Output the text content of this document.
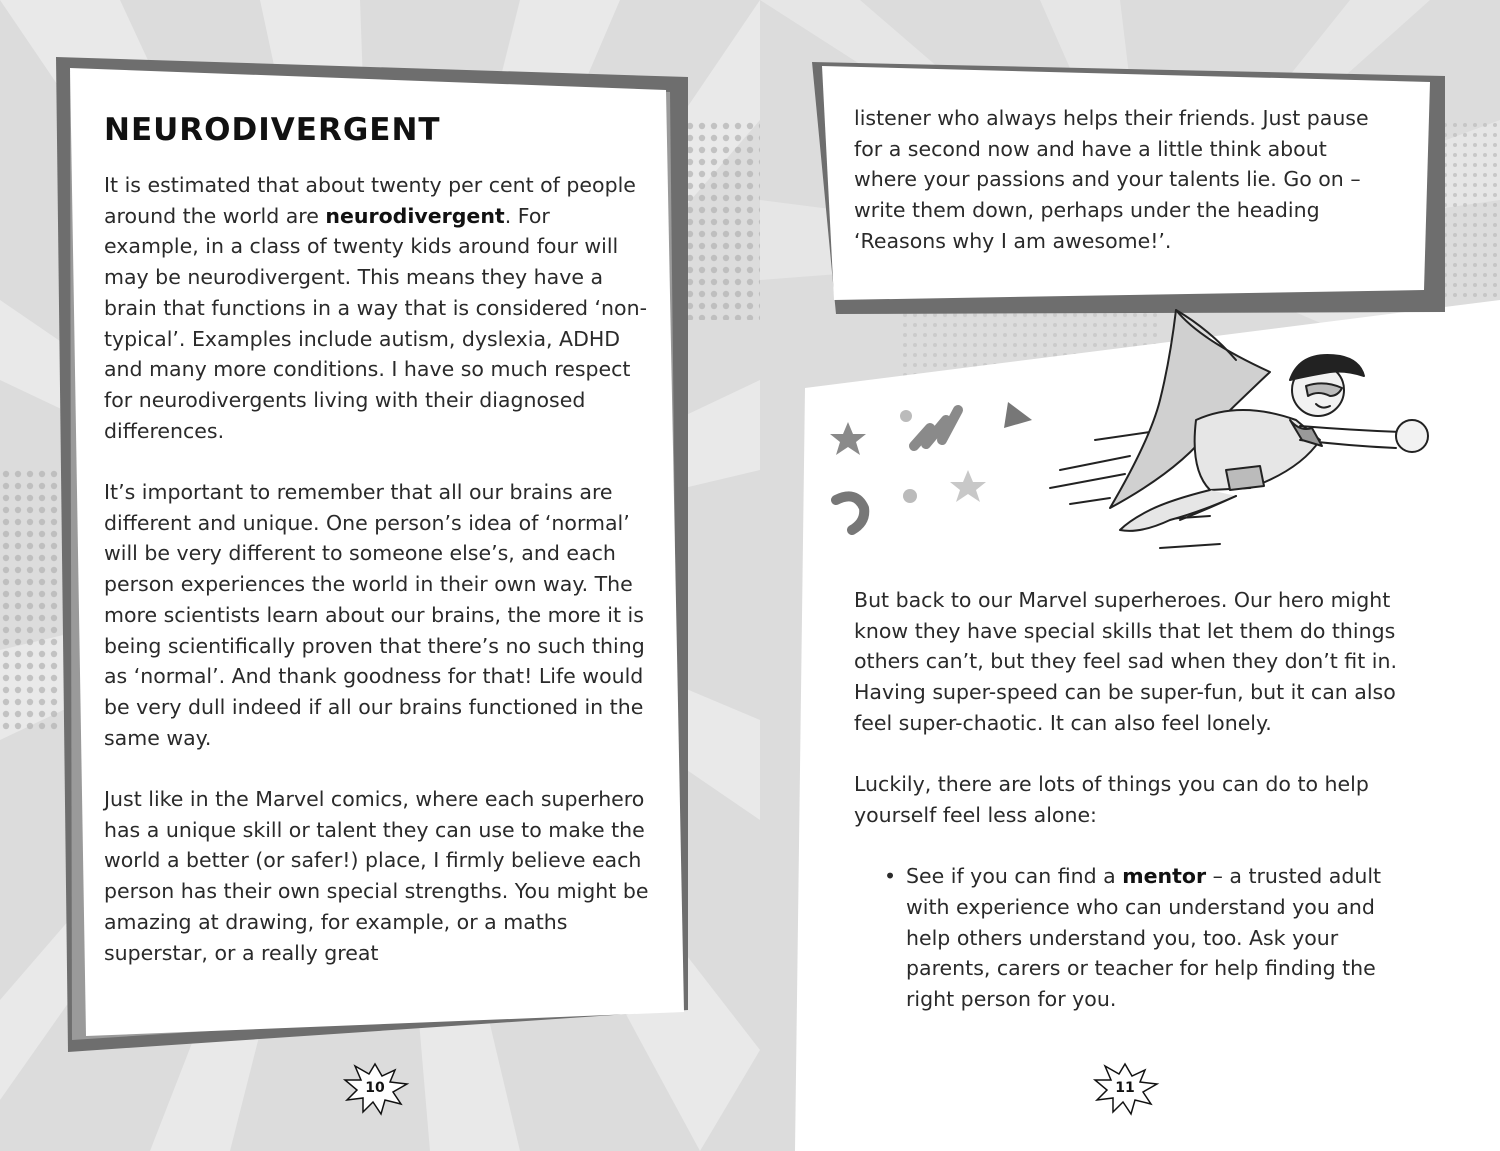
NEURODIVERGENT

It is estimated that about twenty per cent of people around the world are neurodivergent. For example, in a class of twenty kids around four will may be neurodivergent. This means they have a brain that functions in a way that is considered ‘non-typical’. Examples include autism, dyslexia, ADHD and many more conditions. I have so much respect for neurodivergents living with their diagnosed differences.

It’s important to remember that all our brains are different and unique. One person’s idea of ‘normal’ will be very different to someone else’s, and each person experiences the world in their own way. The more scientists learn about our brains, the more it is being scientifically proven that there’s no such thing as ‘normal’. And thank goodness for that! Life would be very dull indeed if all our brains functioned in the same way.

Just like in the Marvel comics, where each superhero has a unique skill or talent they can use to make the world a better (or safer!) place, I firmly believe each person has their own special strengths. You might be amazing at drawing, for example, or a maths superstar, or a really great

10

listener who always helps their friends. Just pause for a second now and have a little think about where your passions and your talents lie. Go on – write them down, perhaps under the heading ‘Reasons why I am awesome!’.

But back to our Marvel superheroes. Our hero might know they have special skills that let them do things others can’t, but they feel sad when they don’t fit in. Having super-speed can be super-fun, but it can also feel super-chaotic. It can also feel lonely.

Luckily, there are lots of things you can do to help yourself feel less alone:

• See if you can find a mentor – a trusted adult with experience who can understand you and help others understand you, too. Ask your parents, carers or teacher for help finding the right person for you.
11
